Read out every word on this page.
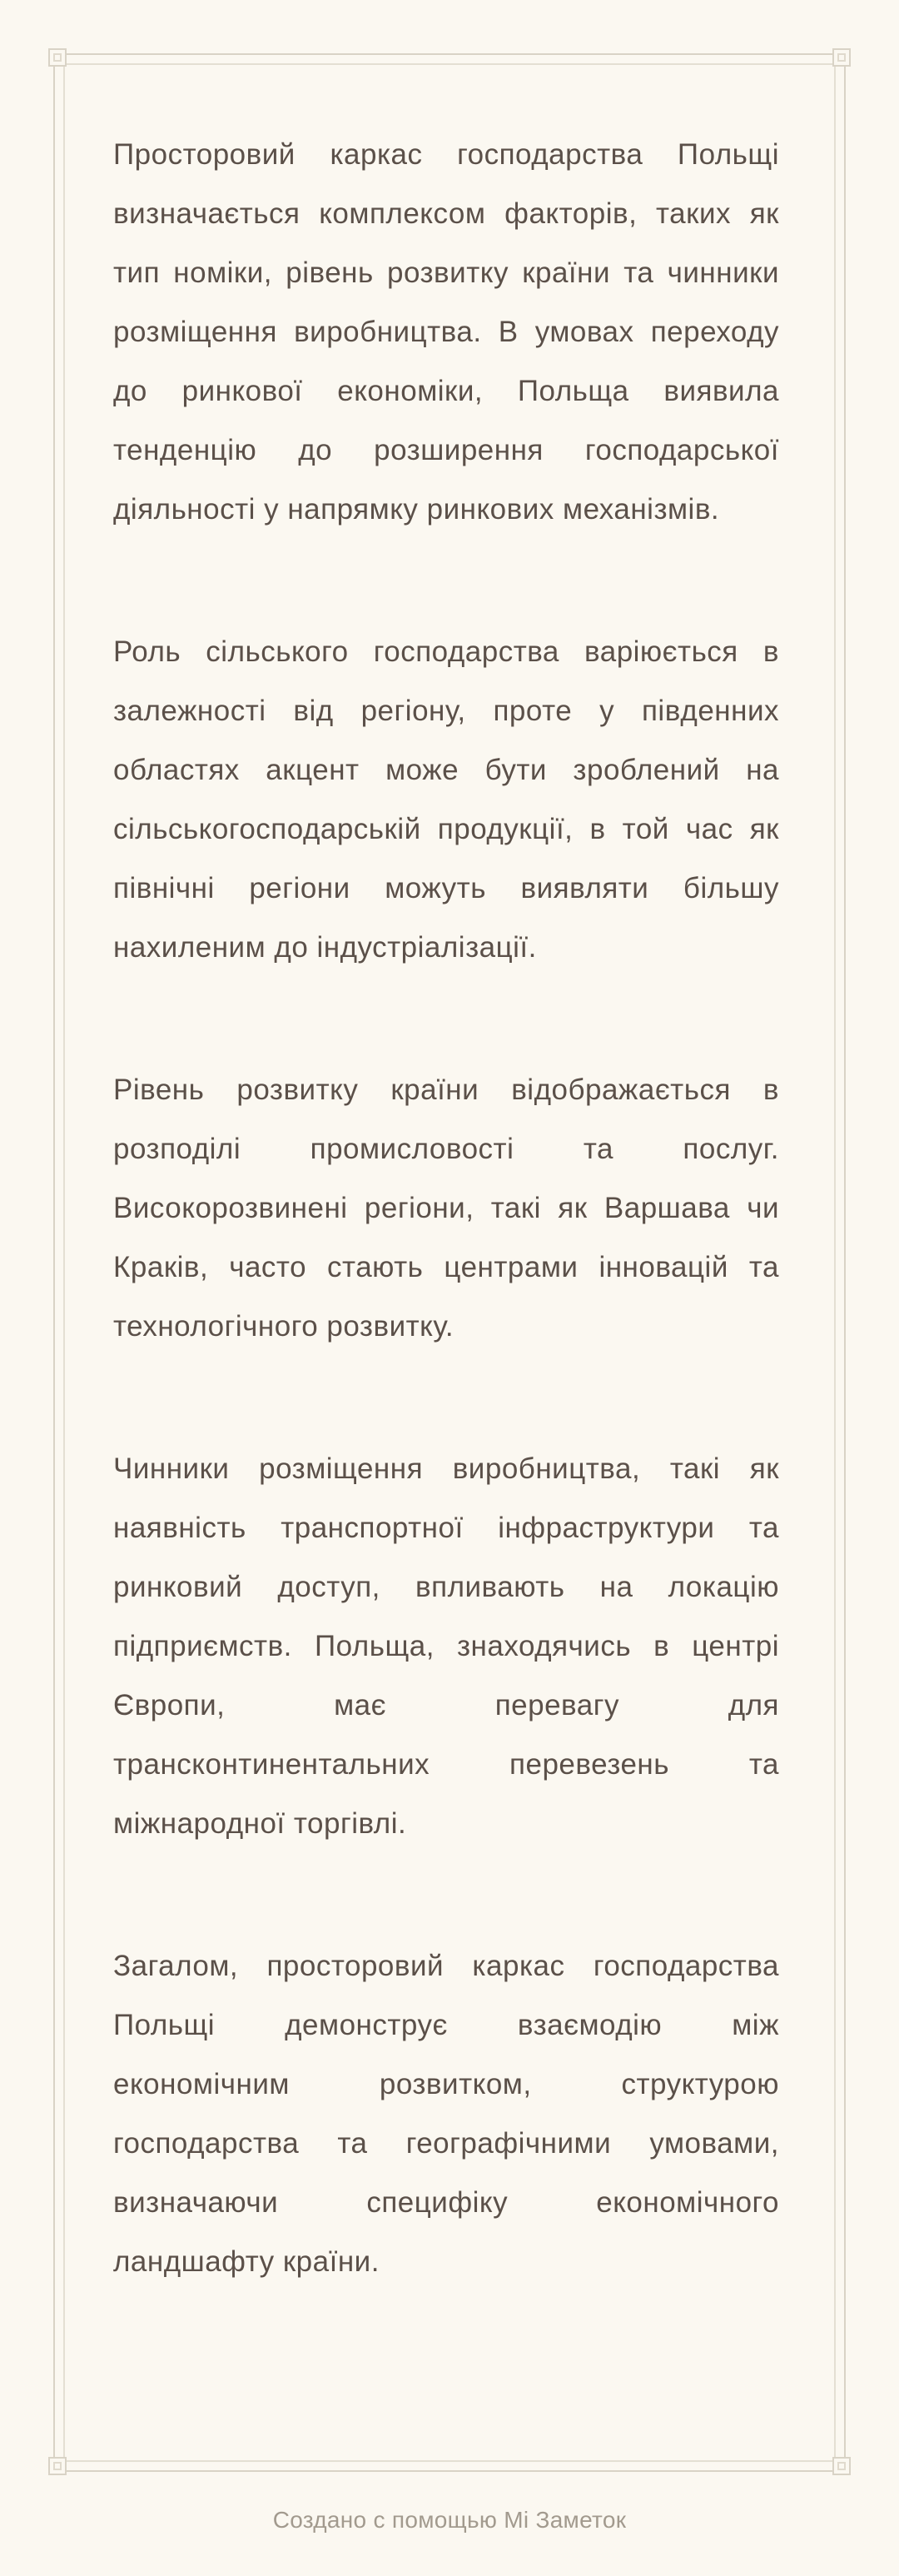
Просторовий каркас господарства Польщі визначається комплексом факторів, таких як тип номіки, рівень розвитку країни та чинники розміщення виробництва. В умовах переходу до ринкової економіки, Польща виявила тенденцію до розширення господарської діяльності у напрямку ринкових механізмів.

Роль сільського господарства варіюється в залежності від регіону, проте у південних областях акцент може бути зроблений на сільськогосподарській продукції, в той час як північні регіони можуть виявляти більшу нахиленим до індустріалізації.

Рівень розвитку країни відображається в розподілі промисловості та послуг. Високорозвинені регіони, такі як Варшава чи Краків, часто стають центрами інновацій та технологічного розвитку.

Чинники розміщення виробництва, такі як наявність транспортної інфраструктури та ринковий доступ, впливають на локацію підприємств. Польща, знаходячись в центрі Європи, має перевагу для трансконтинентальних перевезень та міжнародної торгівлі.

Загалом, просторовий каркас господарства Польщі демонструє взаємодію між економічним розвитком, структурою господарства та географічними умовами, визначаючи специфіку економічного ландшафту країни.

Создано с помощью Mi Заметок
